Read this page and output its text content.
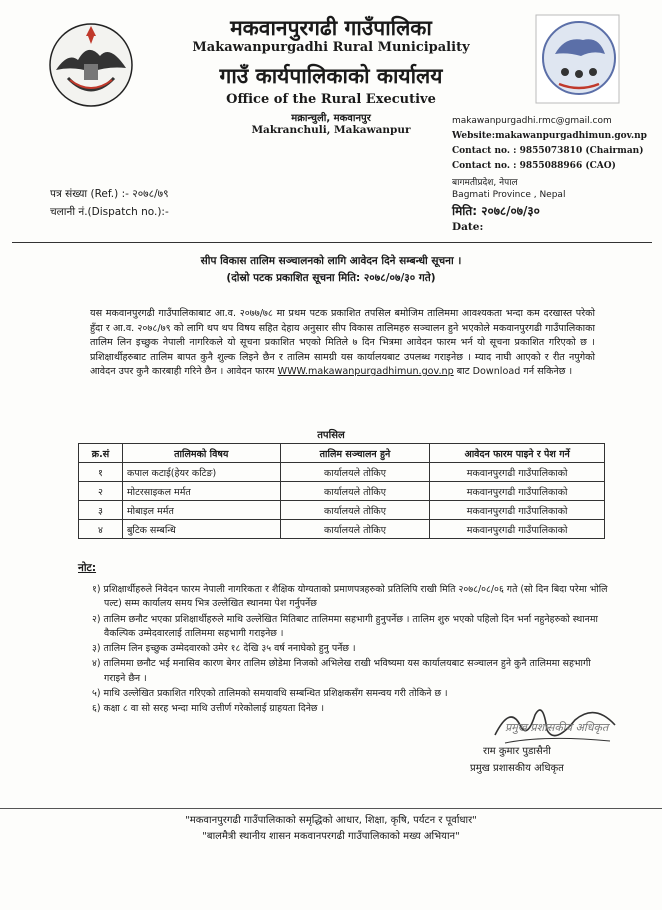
मकवानपुरगढी गाउँपालिका
Makawanpurgadhi Rural Municipality
गाउँ कार्यपालिकाको कार्यालय
Office of the Rural Executive
मक्रान्चुली, मकवानपुर
Makranchuli, Makawanpur
makawanpurgadhi.rmc@gmail.com
Website:makawanpurgadhimun.gov.np
Contact no. : 9855073810 (Chairman)
Contact no. : 9855088966 (CAO)
बागमतीप्रदेश, नेपाल
Bagmati Province , Nepal
पत्र संख्या (Ref.) :- २०७८/७९
चलानी नं.(Dispatch no.):-	मिति: २०७८/०७/३०
Date:
सीप विकास तालिम सञ्चालनको लागि आवेदन दिने सम्बन्धी सूचना ।
(दोस्रो पटक प्रकाशित सूचना मिति: २०७८/०७/३० गते)
यस मकवानपुरगढी गाउँपालिकाबाट आ.व. २०७७/७८ मा प्रथम पटक प्रकाशित तपसिल बमोजिम तालिममा आवश्यकता भन्दा कम दरखास्त परेको हुँदा र आ.व. २०७८/७९ को लागि थप थप विषय सहित देहाय अनुसार सीप विकास तालिमहरु सञ्चालन हुने भएकोले मकवानपुरगढी गाउँपालिकाका तालिम लिन इच्छुक नेपाली नागरिकले यो सूचना प्रकाशित भएको मितिले ७ दिन भित्रमा आवेदन फारम भर्न यो सूचना प्रकाशित गरिएको छ । प्रशिक्षार्थीहरुबाट तालिम बापत कुनै शुल्क लिइने छैन र तालिम सामग्री यस कार्यालयबाट उपलब्ध गराइनेछ । म्याद नाघी आएको र रीत नपुगेको आवेदन उपर कुनै कारबाही गरिने छैन । आवेदन फारम WWW.makawanpurgadhimun.gov.np बाट Download गर्न सकिनेछ ।
तपसिल
क्र.सं	तालिमको विषय	तालिम सञ्चालन हुने	आवेदन फारम पाइने र पेश गर्ने
१	कपाल कटाई(हेयर कटिङ)	कार्यालयले तोकिए	मकवानपुरगढी गाउँपालिकाको
२	मोटरसाइकल मर्मत	कार्यालयले तोकिए	मकवानपुरगढी गाउँपालिकाको
३	मोबाइल मर्मत	कार्यालयले तोकिए	मकवानपुरगढी गाउँपालिकाको
४	बुटिक सम्बन्धि	कार्यालयले तोकिए	मकवानपुरगढी गाउँपालिकाको
नोट:

१) प्रशिक्षार्थीहरुले निवेदन फारम नेपाली नागरिकता र शैक्षिक योग्यताको प्रमाणपत्रहरुको प्रतिलिपि राखी मिति २०७८/०८/०६ गते (सो दिन बिदा परेमा भोलि पल्ट) सम्म कार्यालय समय भित्र उल्लेखित स्थानमा पेश गर्नुपर्नेछ

२) तालिम छनौट भएका प्रशिक्षार्थीहरुले माथि उल्लेखित मितिबाट तालिममा सहभागी हुनुपर्नेछ । तालिम शुरु भएको पहिलो दिन भर्ना नहुनेहरुको स्थानमा वैकल्पिक उम्मेदवारलाई तालिममा सहभागी गराइनेछ ।

३) तालिम लिन इच्छुक उम्मेदवारको उमेर १८ देखि ३५ वर्ष ननाघेको हुनु पर्नेछ ।

४) तालिममा छनौट भई मनासिव कारण बेगर तालिम छोडेमा निजको अभिलेख राखी भविष्यमा यस कार्यालयबाट सञ्चालन हुने कुनै तालिममा सहभागी गराइने छैन ।

५) माथि उल्लेखित प्रकाशित गरिएको तालिमको समयावधि सम्बन्धित प्रशिक्षकसँग समन्वय गरी तोकिने छ ।

६) कक्षा ८ वा सो सरह भन्दा माथि उत्तीर्ण गरेकोलाई ग्राहयता दिनेछ ।

प्रमुख प्रशासकीय अधिकृत
राम कुमार पुडासैनी
प्रमुख प्रशासकीय अधिकृत
"मकवानपुरगढी गाउँपालिकाको समृद्धिको आधार, शिक्षा, कृषि, पर्यटन र पूर्वाधार"
"बालमैत्री स्थानीय शासन मकवानपरगढी गाउँपालिकाको मख्य अभियान"
